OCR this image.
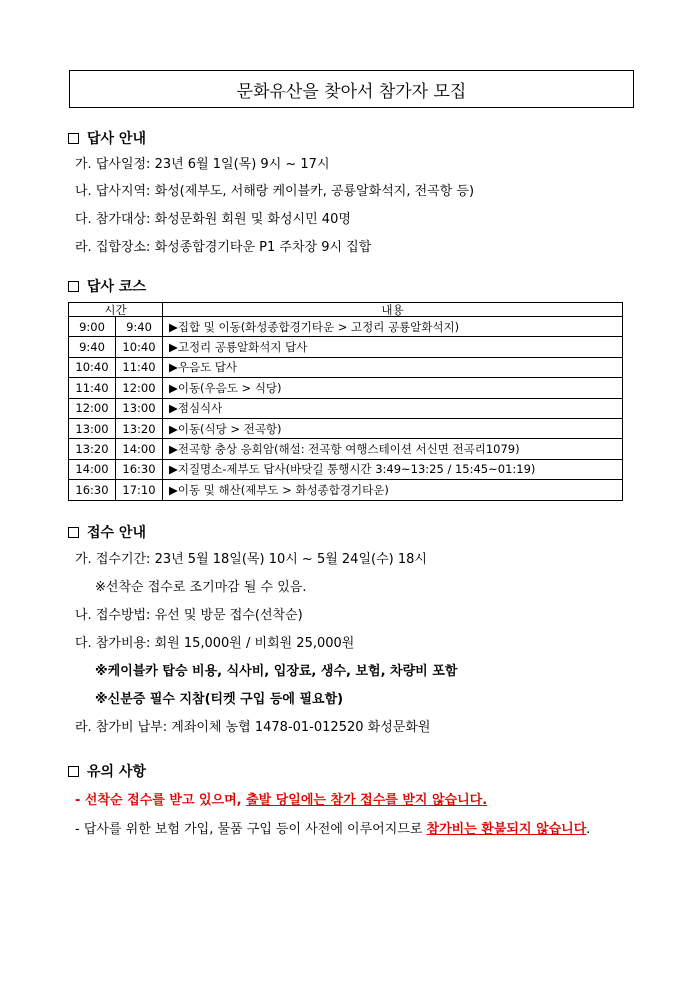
문화유산을 찾아서 참가자 모집
답사 안내
가. 답사일정: 23년 6월 1일(목) 9시 ~ 17시
나. 답사지역: 화성(제부도, 서해랑 케이블카, 공룡알화석지, 전곡항 등)
다. 참가대상: 화성문화원 회원 및 화성시민 40명
라. 집합장소: 화성종합경기타운 P1 주차장 9시 집합
답사 코스
시간		내용
9:00	9:40	▶집합 및 이동(화성종합경기타운 > 고정리 공룡알화석지)
9:40	10:40	▶고정리 공룡알화석지 답사
10:40	11:40	▶우음도 답사
11:40	12:00	▶이동(우음도 > 식당)
12:00	13:00	▶점심식사
13:00	13:20	▶이동(식당 > 전곡항)
13:20	14:00	▶전곡항 충상 응회암(해설: 전곡항 여행스테이션 서신면 전곡리1079)
14:00	16:30	▶지질명소-제부도 답사(바닷길 통행시간 3:49~13:25 / 15:45~01:19)
16:30	17:10	▶이동 및 해산(제부도 > 화성종합경기타운)
접수 안내
가. 접수기간: 23년 5월 18일(목) 10시 ~ 5월 24일(수) 18시
※선착순 접수로 조기마감 될 수 있음.
나. 접수방법: 유선 및 방문 접수(선착순)
다. 참가비용: 회원 15,000원 / 비회원 25,000원
※케이블카 탑승 비용, 식사비, 입장료, 생수, 보험, 차량비 포함
※신분증 필수 지참(티켓 구입 등에 필요함)
라. 참가비 납부: 계좌이체 농협 1478-01-012520 화성문화원
유의 사항
- 선착순 접수를 받고 있으며, 출발 당일에는 참가 접수를 받지 않습니다.
- 답사를 위한 보험 가입, 물품 구입 등이 사전에 이루어지므로 참가비는 환불되지 않습니다.
